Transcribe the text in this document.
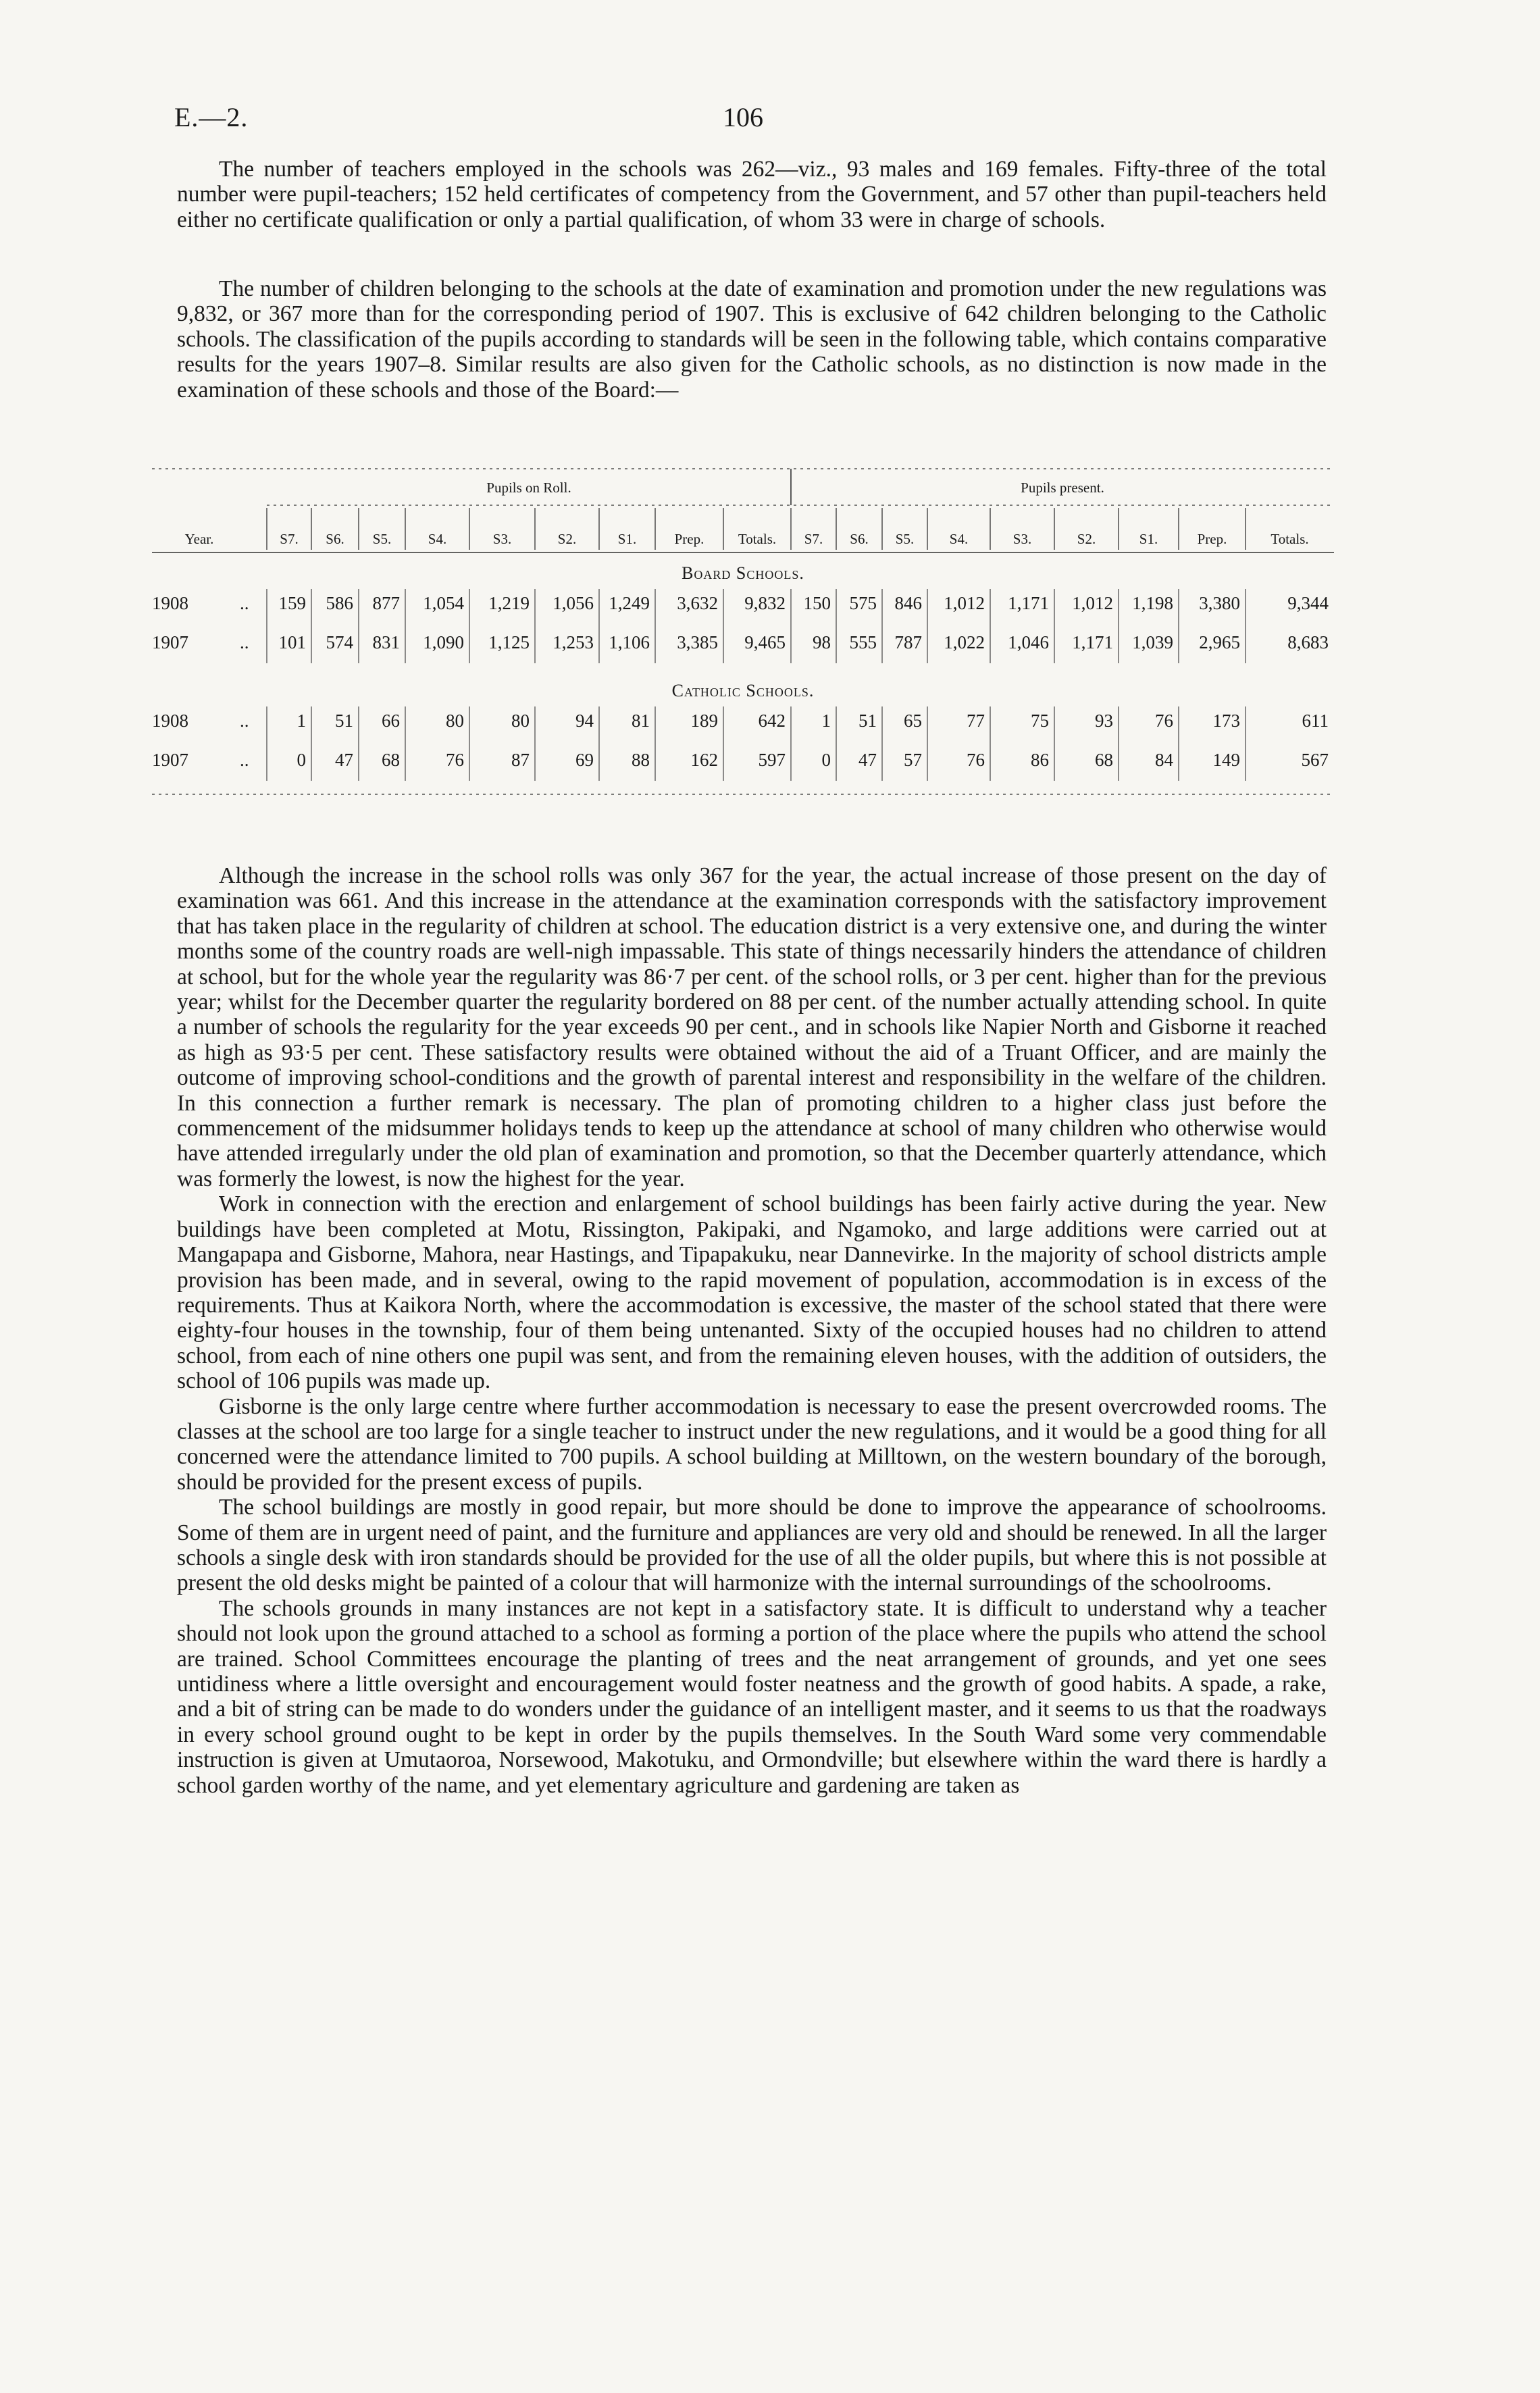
E.—2.	106

The number of teachers employed in the schools was 262—viz., 93 males and 169 females. Fifty-three of the total number were pupil-teachers; 152 held certificates of competency from the Government, and 57 other than pupil-teachers held either no certificate qualification or only a partial qualification, of whom 33 were in charge of schools.

The number of children belonging to the schools at the date of examination and promotion under the new regulations was 9,832, or 367 more than for the corresponding period of 1907. This is exclusive of 642 children belonging to the Catholic schools. The classification of the pupils according to standards will be seen in the following table, which contains comparative results for the years 1907–8. Similar results are also given for the Catholic schools, as no distinction is now made in the examination of these schools and those of the Board:—

Pupils on Roll.	Pupils present.
Year.	S7.	S6.	S5.	S4.	S3.	S2.	S1.	Prep.	Totals.	S7.	S6.	S5.	S4.	S3.	S2.	S1.	Prep.	Totals.
Board Schools.
1908	..	159	586	877	1,054	1,219	1,056 1,249	3,632	9,832 150	575 846	1,012	1,171	1,012	1,198	3,380	9,344
1907	..	101	574	831	1,090	1,125	1,253 1,106	3,385	9,465	98	555 787	1,022	1,046	1,171	1,039	2,965	8,683
Catholic Schools.
1908	..	1	51	66	80	80	94	81	189	642	1	51	65	77	75	93	76	173	611
1907	..	0	47	68	76	87	69	88	162	597	0	47	57	76	86	68	84	149	567

Although the increase in the school rolls was only 367 for the year, the actual increase of those present on the day of examination was 661. And this increase in the attendance at the examination corresponds with the satisfactory improvement that has taken place in the regularity of children at school. The education district is a very extensive one, and during the winter months some of the country roads are well-nigh impassable. This state of things necessarily hinders the attendance of children at school, but for the whole year the regularity was 86·7 per cent. of the school rolls, or 3 per cent. higher than for the previous year; whilst for the December quarter the regularity bordered on 88 per cent. of the number actually attending school. In quite a number of schools the regularity for the year exceeds 90 per cent., and in schools like Napier North and Gisborne it reached as high as 93·5 per cent. These satisfactory results were obtained without the aid of a Truant Officer, and are mainly the outcome of improving school-conditions and the growth of parental interest and responsibility in the welfare of the children. In this connection a further remark is necessary. The plan of promoting children to a higher class just before the commencement of the midsummer holidays tends to keep up the attendance at school of many children who otherwise would have attended irregularly under the old plan of examination and promotion, so that the December quarterly attendance, which was formerly the lowest, is now the highest for the year.

Work in connection with the erection and enlargement of school buildings has been fairly active during the year. New buildings have been completed at Motu, Rissington, Pakipaki, and Ngamoko, and large additions were carried out at Mangapapa and Gisborne, Mahora, near Hastings, and Tipapakuku, near Dannevirke. In the majority of school districts ample provision has been made, and in several, owing to the rapid movement of population, accommodation is in excess of the requirements. Thus at Kaikora North, where the accommodation is excessive, the master of the school stated that there were eighty-four houses in the township, four of them being untenanted. Sixty of the occupied houses had no children to attend school, from each of nine others one pupil was sent, and from the remaining eleven houses, with the addition of outsiders, the school of 106 pupils was made up.

Gisborne is the only large centre where further accommodation is necessary to ease the present overcrowded rooms. The classes at the school are too large for a single teacher to instruct under the new regulations, and it would be a good thing for all concerned were the attendance limited to 700 pupils. A school building at Milltown, on the western boundary of the borough, should be provided for the present excess of pupils.

The school buildings are mostly in good repair, but more should be done to improve the appearance of schoolrooms. Some of them are in urgent need of paint, and the furniture and appliances are very old and should be renewed. In all the larger schools a single desk with iron standards should be provided for the use of all the older pupils, but where this is not possible at present the old desks might be painted of a colour that will harmonize with the internal surroundings of the schoolrooms.

The schools grounds in many instances are not kept in a satisfactory state. It is difficult to understand why a teacher should not look upon the ground attached to a school as forming a portion of the place where the pupils who attend the school are trained. School Committees encourage the planting of trees and the neat arrangement of grounds, and yet one sees untidiness where a little oversight and encouragement would foster neatness and the growth of good habits. A spade, a rake, and a bit of string can be made to do wonders under the guidance of an intelligent master, and it seems to us that the roadways in every school ground ought to be kept in order by the pupils themselves. In the South Ward some very commendable instruction is given at Umutaoroa, Norsewood, Makotuku, and Ormondville; but elsewhere within the ward there is hardly a school garden worthy of the name, and yet elementary agriculture and gardening are taken as
